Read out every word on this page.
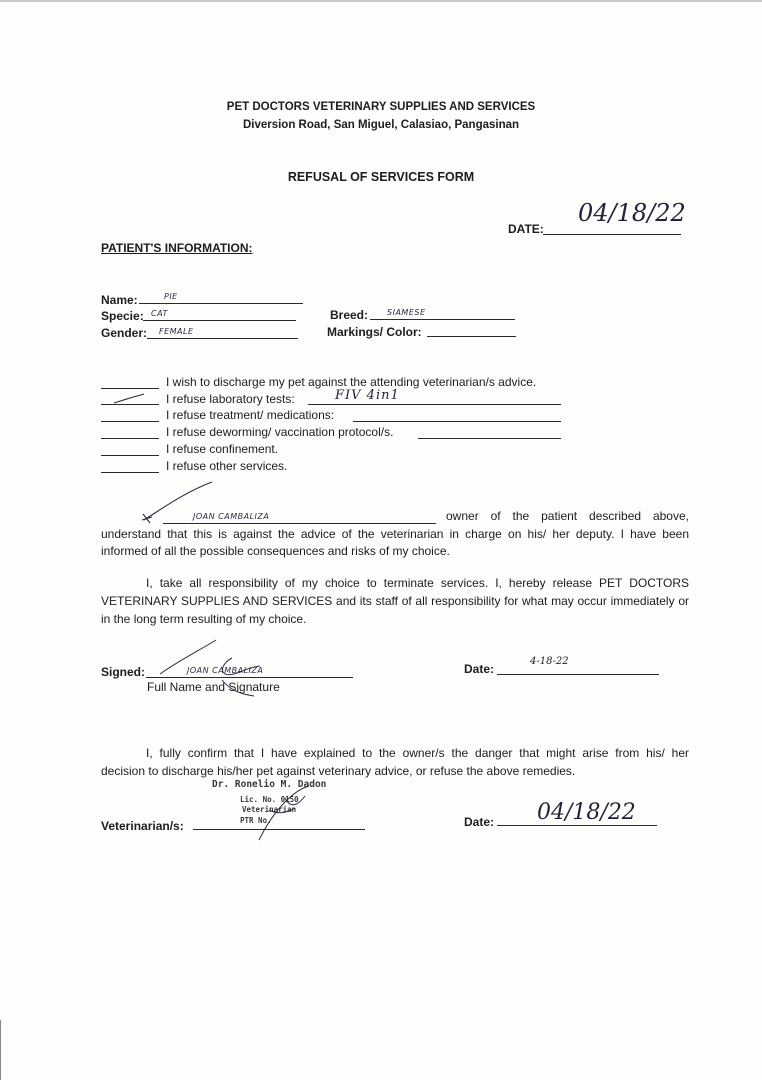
PET DOCTORS VETERINARY SUPPLIES AND SERVICES
Diversion Road, San Miguel, Calasiao, Pangasinan
REFUSAL OF SERVICES FORM
DATE:
04/18/22
PATIENT'S INFORMATION:
Name:	PIE
Specie: CAT
Gender: FEMALE
Breed: SIAMESE
Markings/ Color:
I wish to discharge my pet against the attending veterinarian/s advice.
I refuse laboratory tests:	FIV 4in1
I refuse treatment/ medications:
I refuse deworming/ vaccination protocol/s.
I refuse confinement.
I refuse other services.
JOAN CAMBALIZA	owner of the patient described above,
understand that this is against the advice of the veterinarian in charge on his/ her deputy. I have been
informed of all the possible consequences and risks of my choice.
I, take all responsibility of my choice to terminate services. I, hereby release PET DOCTORS
VETERINARY SUPPLIES AND SERVICES and its staff of all responsibility for what may occur immediately or
in the long term resulting of my choice.
Signed:	JOAN CAMBALIZA
Full Name and Signature
Date:
4-18-22
I, fully confirm that I have explained to the owner/s the danger that might arise from his/ her
decision to discharge his/her pet against veterinary advice, or refuse the above remedies.
Veterinarian/s:
Dr. Ronelio M. Dadon
Lic. No. 0150
Veterinarian
PTR No.	Date: 04/18/22
